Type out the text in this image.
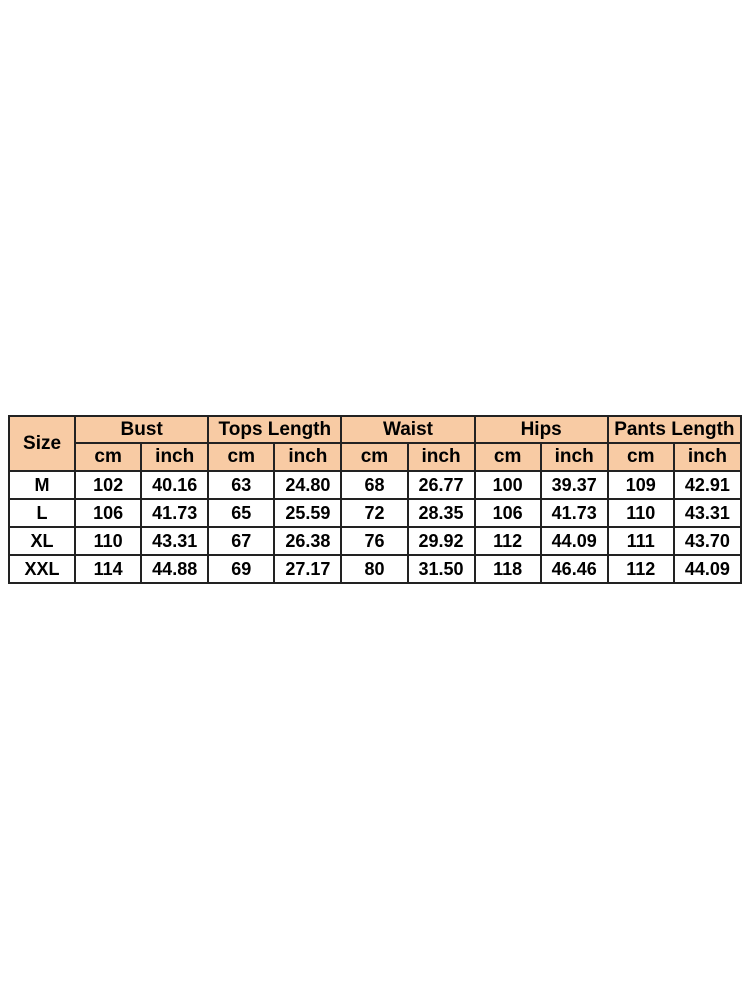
Size	Bust		Tops Length		Waist		Hips		Pants Length	
	cm	inch	cm	inch	cm	inch	cm	inch	cm	inch
M	102	40.16	63	24.80	68	26.77	100	39.37	109	42.91
L	106	41.73	65	25.59	72	28.35	106	41.73	110	43.31
XL	110	43.31	67	26.38	76	29.92	112	44.09	111	43.70
XXL	114	44.88	69	27.17	80	31.50	118	46.46	112	44.09
